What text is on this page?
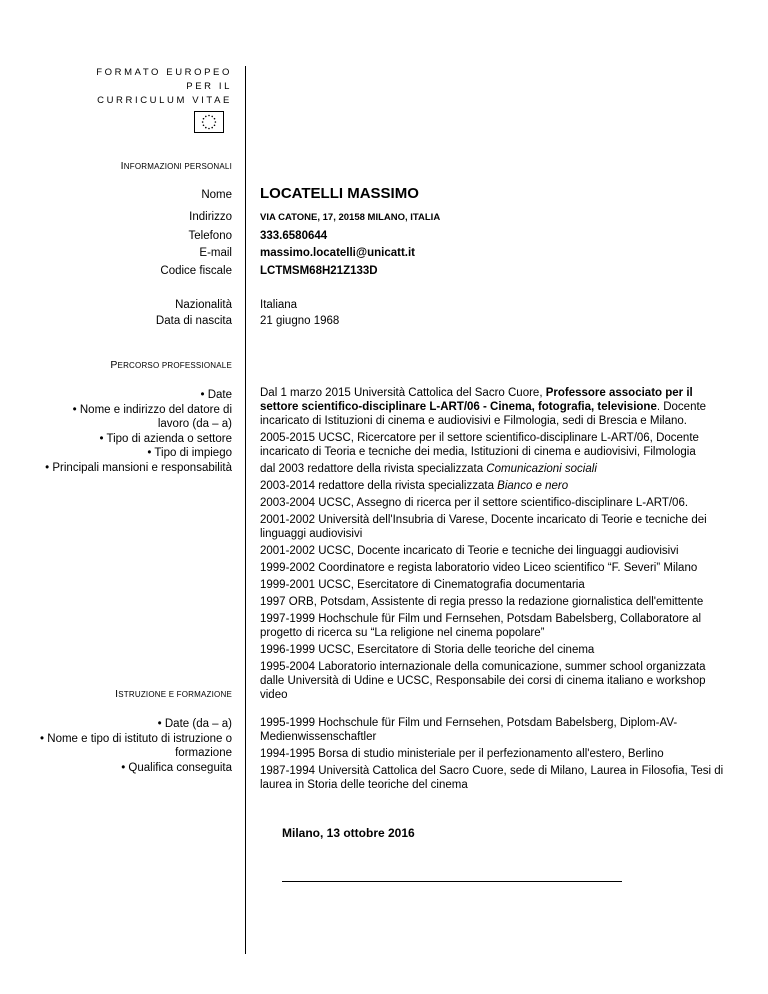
FORMATO EUROPEO PER IL
CURRICULUM VITAE
INFORMAZIONI PERSONALI
Nome LOCATELLI MASSIMO
Indirizzo	VIA CATONE, 17, 20158 MILANO, ITALIA
Telefono 333.6580644
E-mail massimo.locatelli@unicatt.it
Codice fiscale LCTMSM68H21Z133D
Nazionalità Italiana
Data di nascita 21 giugno 1968
PERCORSO PROFESSIONALE
• Date
• Nome e indirizzo del datore di lavoro (da – a)
• Tipo di azienda o settore
• Tipo di impiego
• Principali mansioni e responsabilità
Dal 1 marzo 2015 Università Cattolica del Sacro Cuore, Professore associato per il settore scientifico-disciplinare L-ART/06 - Cinema, fotografia, televisione. Docente incaricato di Istituzioni di cinema e audiovisivi e Filmologia, sedi di Brescia e Milano.
2005-2015 UCSC, Ricercatore per il settore scientifico-disciplinare L-ART/06, Docente incaricato di Teoria e tecniche dei media, Istituzioni di cinema e audiovisivi, Filmologia
dal 2003 redattore della rivista specializzata Comunicazioni sociali
2003-2014 redattore della rivista specializzata Bianco e nero
2003-2004 UCSC, Assegno di ricerca per il settore scientifico-disciplinare L-ART/06.
2001-2002 Università dell'Insubria di Varese, Docente incaricato di Teorie e tecniche dei linguaggi audiovisivi
2001-2002 UCSC, Docente incaricato di Teorie e tecniche dei linguaggi audiovisivi
1999-2002 Coordinatore e regista laboratorio video Liceo scientifico “F. Severi” Milano
1999-2001 UCSC, Esercitatore di Cinematografia documentaria
1997 ORB, Potsdam, Assistente di regia presso la redazione giornalistica dell'emittente
1997-1999 Hochschule für Film und Fernsehen, Potsdam Babelsberg, Collaboratore al progetto di ricerca su “La religione nel cinema popolare”
1996-1999 UCSC, Esercitatore di Storia delle teoriche del cinema
1995-2004 Laboratorio internazionale della comunicazione, summer school organizzata dalle Università di Udine e UCSC, Responsabile dei corsi di cinema italiano e workshop video
ISTRUZIONE E FORMAZIONE
• Date (da – a)
• Nome e tipo di istituto di istruzione o formazione
• Qualifica conseguita
1995-1999 Hochschule für Film und Fernsehen, Potsdam Babelsberg, Diplom-AV-Medienwissenschaftler
1994-1995 Borsa di studio ministeriale per il perfezionamento all'estero, Berlino
1987-1994 Università Cattolica del Sacro Cuore, sede di Milano, Laurea in Filosofia, Tesi di laurea in Storia delle teoriche del cinema
Milano, 13 ottobre 2016
